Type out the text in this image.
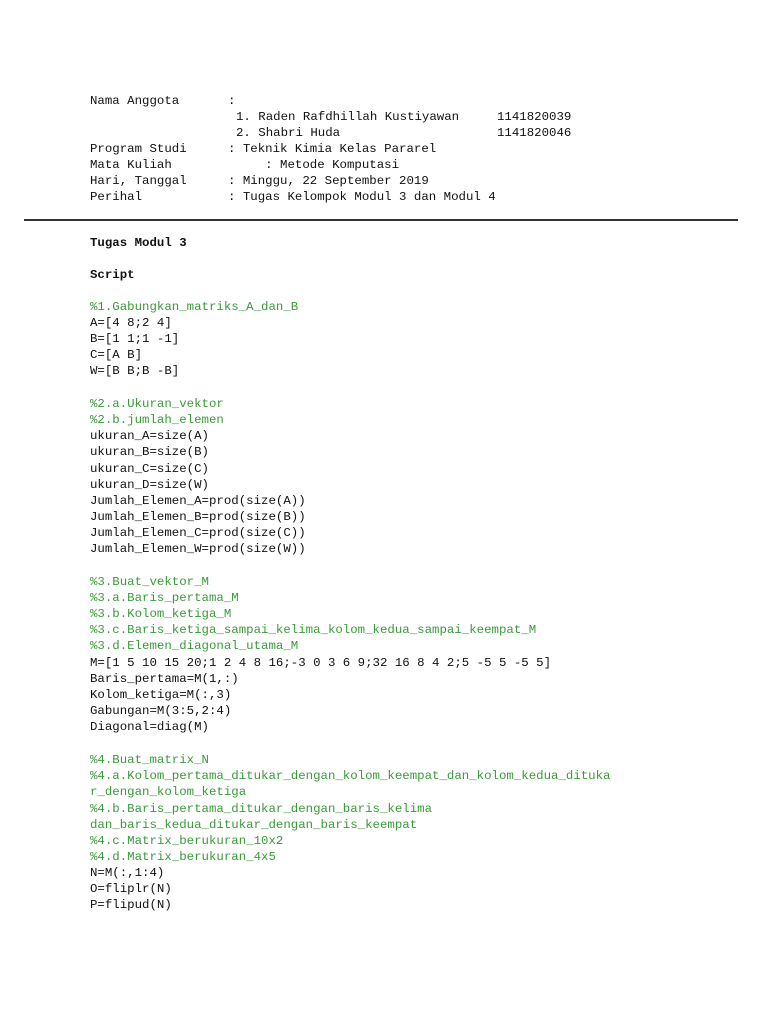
Nama Anggota	:
1. Raden Rafdhillah Kustiyawan	1141820039
2. Shabri Huda	1141820046
Program Studi	: Teknik Kimia Kelas Pararel
Mata Kuliah	: Metode Komputasi
Hari, Tanggal	: Minggu, 22 September 2019
Perihal	: Tugas Kelompok Modul 3 dan Modul 4
Tugas Modul 3
Script
%1.Gabungkan_matriks_A_dan_B
A=[4 8;2 4]
B=[1 1;1 -1]
C=[A B]
W=[B B;B -B]
%2.a.Ukuran_vektor
%2.b.jumlah_elemen
ukuran_A=size(A)
ukuran_B=size(B)
ukuran_C=size(C)
ukuran_D=size(W)
Jumlah_Elemen_A=prod(size(A))
Jumlah_Elemen_B=prod(size(B))
Jumlah_Elemen_C=prod(size(C))
Jumlah_Elemen_W=prod(size(W))
%3.Buat_vektor_M
%3.a.Baris_pertama_M
%3.b.Kolom_ketiga_M
%3.c.Baris_ketiga_sampai_kelima_kolom_kedua_sampai_keempat_M
%3.d.Elemen_diagonal_utama_M
M=[1 5 10 15 20;1 2 4 8 16;-3 0 3 6 9;32 16 8 4 2;5 -5 5 -5 5]
Baris_pertama=M(1,:)
Kolom_ketiga=M(:,3)
Gabungan=M(3:5,2:4)
Diagonal=diag(M)
%4.Buat_matrix_N
%4.a.Kolom_pertama_ditukar_dengan_kolom_keempat_dan_kolom_kedua_dituka
r_dengan_kolom_ketiga
%4.b.Baris_pertama_ditukar_dengan_baris_kelima
dan_baris_kedua_ditukar_dengan_baris_keempat
%4.c.Matrix_berukuran_10x2
%4.d.Matrix_berukuran_4x5
N=M(:,1:4)
O=fliplr(N)
P=flipud(N)
